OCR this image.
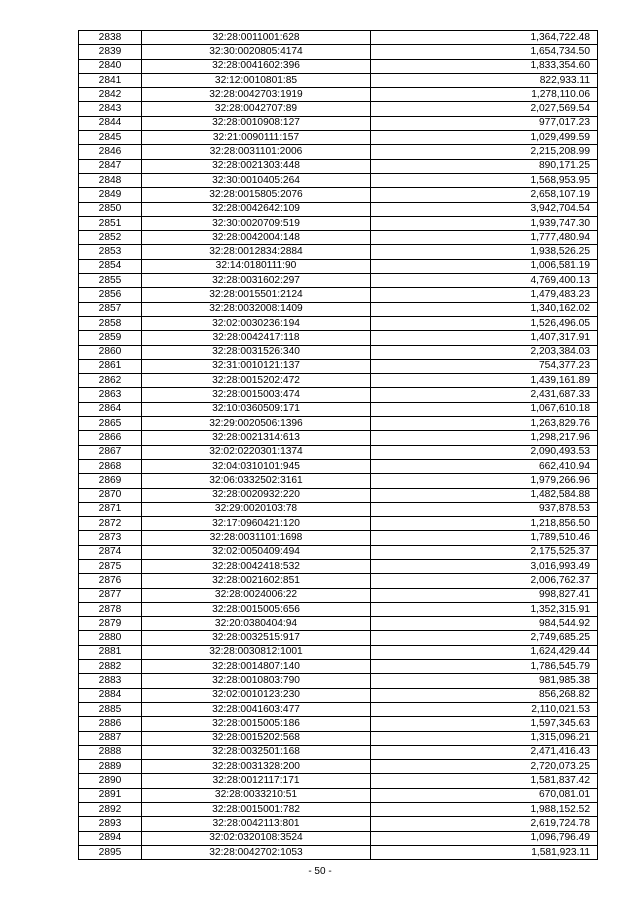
2838	32:28:0011001:628	1,364,722.48
2839	32:30:0020805:4174	1,654,734.50
2840	32:28:0041602:396	1,833,354.60
2841	32:12:0010801:85	822,933.11
2842	32:28:0042703:1919	1,278,110.06
2843	32:28:0042707:89	2,027,569.54
2844	32:28:0010908:127	977,017.23
2845	32:21:0090111:157	1,029,499.59
2846	32:28:0031101:2006	2,215,208.99
2847	32:28:0021303:448	890,171.25
2848	32:30:0010405:264	1,568,953.95
2849	32:28:0015805:2076	2,658,107.19
2850	32:28:0042642:109	3,942,704.54
2851	32:30:0020709:519	1,939,747.30
2852	32:28:0042004:148	1,777,480.94
2853	32:28:0012834:2884	1,938,526.25
2854	32:14:0180111:90	1,006,581.19
2855	32:28:0031602:297	4,769,400.13
2856	32:28:0015501:2124	1,479,483.23
2857	32:28:0032008:1409	1,340,162.02
2858	32:02:0030236:194	1,526,496.05
2859	32:28:0042417:118	1,407,317.91
2860	32:28:0031526:340	2,203,384.03
2861	32:31:0010121:137	754,377.23
2862	32:28:0015202:472	1,439,161.89
2863	32:28:0015003:474	2,431,687.33
2864	32:10:0360509:171	1,067,610.18
2865	32:29:0020506:1396	1,263,829.76
2866	32:28:0021314:613	1,298,217.96
2867	32:02:0220301:1374	2,090,493.53
2868	32:04:0310101:945	662,410.94
2869	32:06:0332502:3161	1,979,266.96
2870	32:28:0020932:220	1,482,584.88
2871	32:29:0020103:78	937,878.53
2872	32:17:0960421:120	1,218,856.50
2873	32:28:0031101:1698	1,789,510.46
2874	32:02:0050409:494	2,175,525.37
2875	32:28:0042418:532	3,016,993.49
2876	32:28:0021602:851	2,006,762.37
2877	32:28:0024006:22	998,827.41
2878	32:28:0015005:656	1,352,315.91
2879	32:20:0380404:94	984,544.92
2880	32:28:0032515:917	2,749,685.25
2881	32:28:0030812:1001	1,624,429.44
2882	32:28:0014807:140	1,786,545.79
2883	32:28:0010803:790	981,985.38
2884	32:02:0010123:230	856,268.82
2885	32:28:0041603:477	2,110,021.53
2886	32:28:0015005:186	1,597,345.63
2887	32:28:0015202:568	1,315,096.21
2888	32:28:0032501:168	2,471,416.43
2889	32:28:0031328:200	2,720,073.25
2890	32:28:0012117:171	1,581,837.42
2891	32:28:0033210:51	670,081.01
2892	32:28:0015001:782	1,988,152.52
2893	32:28:0042113:801	2,619,724.78
2894	32:02:0320108:3524	1,096,796.49
2895	32:28:0042702:1053	1,581,923.11
- 50 -
